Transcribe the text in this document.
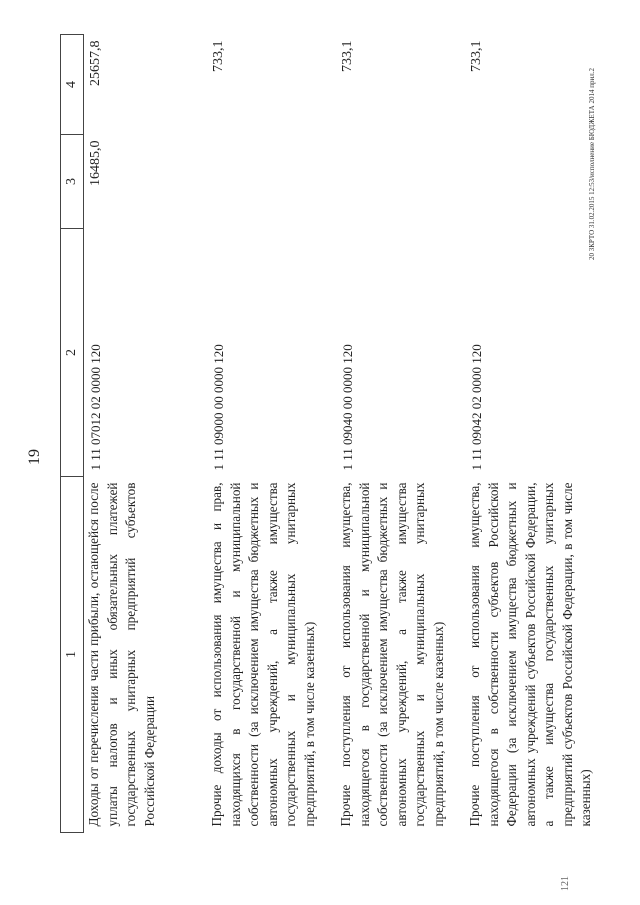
19
1	2	3	4
Доходы от перечисления части прибыли, остающейся после уплаты налогов и иных обязательных платежей государственных унитарных предприятий субъектов Российской Федерации	1 11 07012 02 0000 120	16485,0	25657,8
Прочие доходы от использования имущества и прав, находящихся в государственной и муниципальной собственности (за исключением имущества бюджетных и автономных учреждений, а также имущества государственных и муниципальных унитарных предприятий, в том числе казенных)	1 11 09000 00 0000 120		733,1
Прочие поступления от использования имущества, находящегося в государственной и муниципальной собственности (за исключением имущества бюджетных и автономных учреждений, а также имущества государственных и муниципальных унитарных предприятий, в том числе казенных)	1 11 09040 00 0000 120		733,1
Прочие поступления от использования имущества, находящегося в собственности субъектов Российской Федерации (за исключением имущества бюджетных и автономных учреждений субъектов Российской Федерации, а также имущества государственных унитарных предприятий субъектов Российской Федерации, в том числе казенных)	1 11 09042 02 0000 120		733,1
20 ЗКРТО 31.02.2015 12:53/исполнение БЮДЖЕТА 2014 прил.2
121
